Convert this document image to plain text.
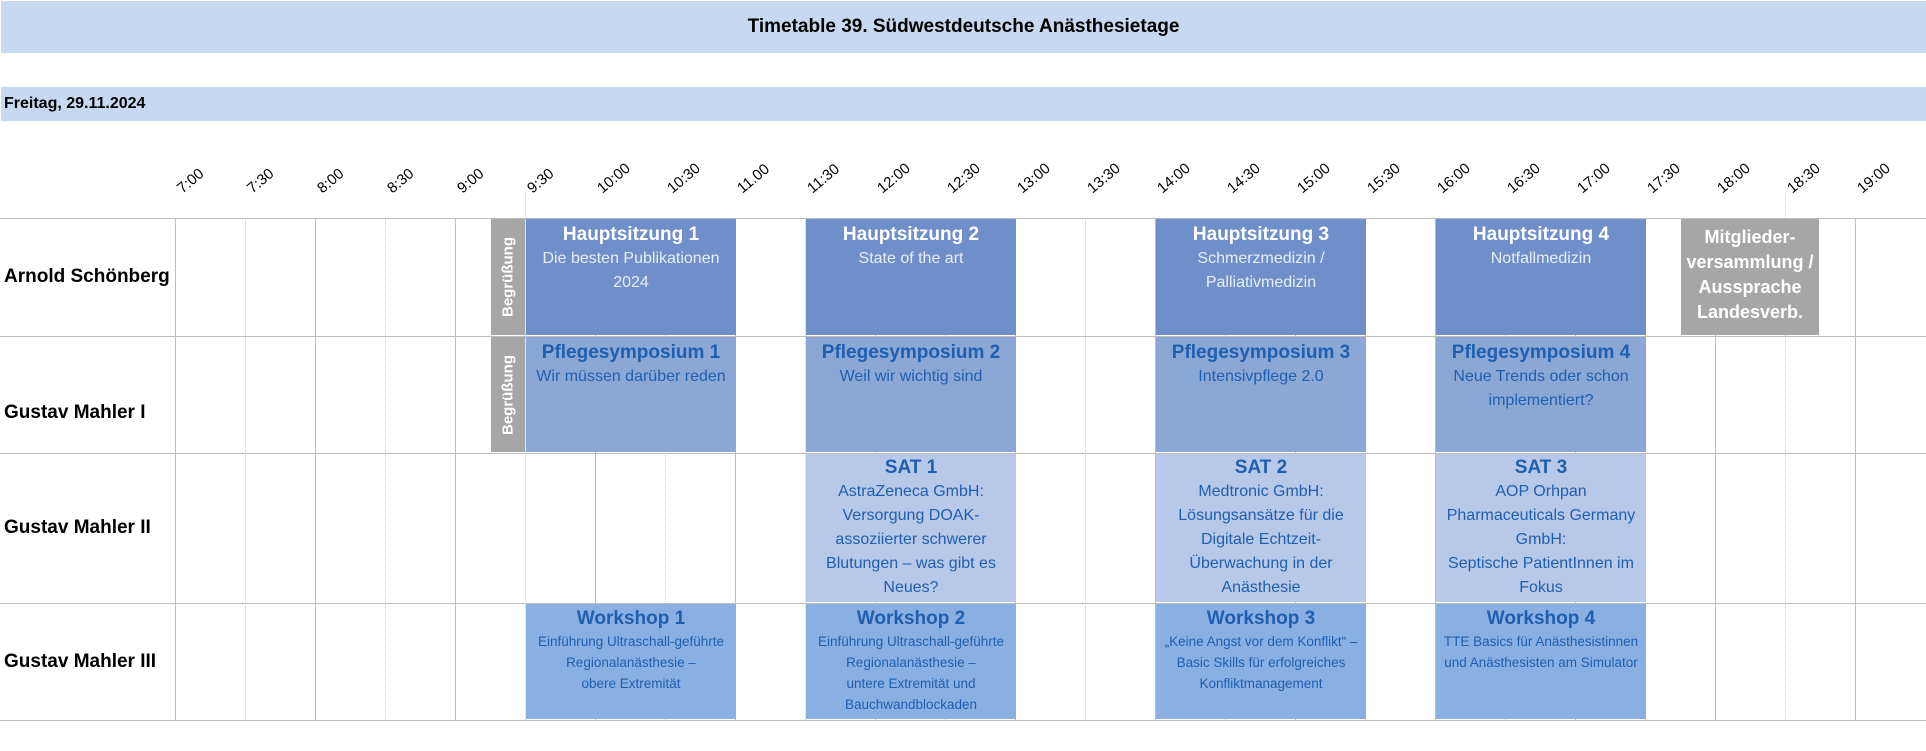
Timetable 39. Südwestdeutsche Anästhesietage
Freitag, 29.11.2024
Arnold Schönberg
Gustav Mahler I
Gustav Mahler II
Gustav Mahler III
Begrüßung
Begrüßung
Hauptsitzung 1
Die besten Publikationen
2024
Hauptsitzung 2
State of the art
Hauptsitzung 3
Schmerzmedizin /
Palliativmedizin
Hauptsitzung 4
Notfallmedizin
Mitglieder-
versammlung /
Aussprache
Landesverb.
Pflegesymposium 1
Wir müssen darüber reden
Pflegesymposium 2
Weil wir wichtig sind
Pflegesymposium 3
Intensivpflege 2.0
Pflegesymposium 4
Neue Trends oder schon
implementiert?
SAT 1
AstraZeneca GmbH:
Versorgung DOAK-
assoziierter schwerer
Blutungen – was gibt es
Neues?
SAT 2
Medtronic GmbH:
Lösungsansätze für die
Digitale Echtzeit-
Überwachung in der
Anästhesie
SAT 3
AOP Orhpan
Pharmaceuticals Germany
GmbH:
Septische PatientInnen im
Fokus
Workshop 1
Einführung Ultraschall-geführte
Regionalanästhesie –
obere Extremität
Workshop 2
Einführung Ultraschall-geführte
Regionalanästhesie –
untere Extremität und
Bauchwandblockaden
Workshop 3
„Keine Angst vor dem Konflikt“ –
Basic Skills für erfolgreiches
Konfliktmanagement
Workshop 4
TTE Basics für Anästhesistinnen
und Anästhesisten am Simulator
7:00 7:30 8:00 8:30 9:00 9:30 10:00 10:30 11.00 11:30 12:00 12:30 13:00 13:30 14:00 14:30 15:00 15:30 16:00 16:30 17:00 17:30 18:00 18:30 19:00
